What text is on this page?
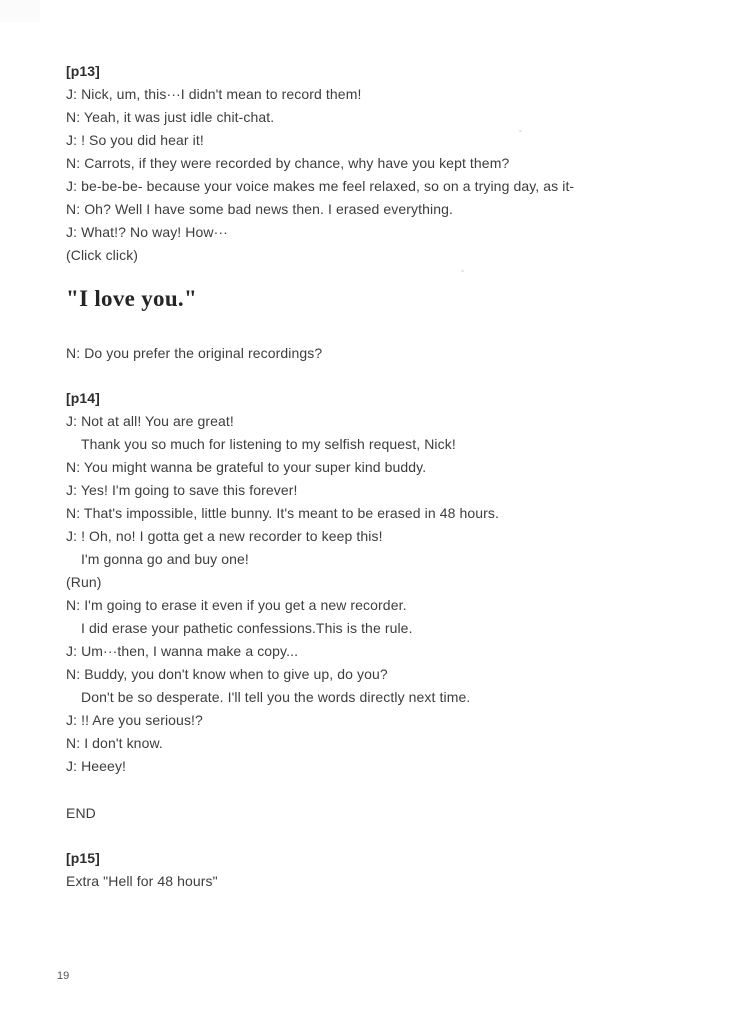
[p13]
J: Nick, um, this···I didn't mean to record them!
N: Yeah, it was just idle chit-chat.
J: ! So you did hear it!
N: Carrots, if they were recorded by chance, why have you kept them?
J: be-be-be- because your voice makes me feel relaxed, so on a trying day, as it-
N: Oh? Well I have some bad news then. I erased everything.
J: What!? No way! How···
(Click click)
"I love you."
N: Do you prefer the original recordings?
[p14]
J: Not at all! You are great!
Thank you so much for listening to my selfish request, Nick!
N: You might wanna be grateful to your super kind buddy.
J: Yes! I'm going to save this forever!
N: That's impossible, little bunny. It's meant to be erased in 48 hours.
J: ! Oh, no! I gotta get a new recorder to keep this!
I'm gonna go and buy one!
(Run)
N: I'm going to erase it even if you get a new recorder.
I did erase your pathetic confessions.This is the rule.
J: Um···then, I wanna make a copy...
N: Buddy, you don't know when to give up, do you?
Don't be so desperate. I'll tell you the words directly next time.
J: !! Are you serious!?
N: I don't know.
J: Heeey!
END
[p15]
Extra "Hell for 48 hours"
19
